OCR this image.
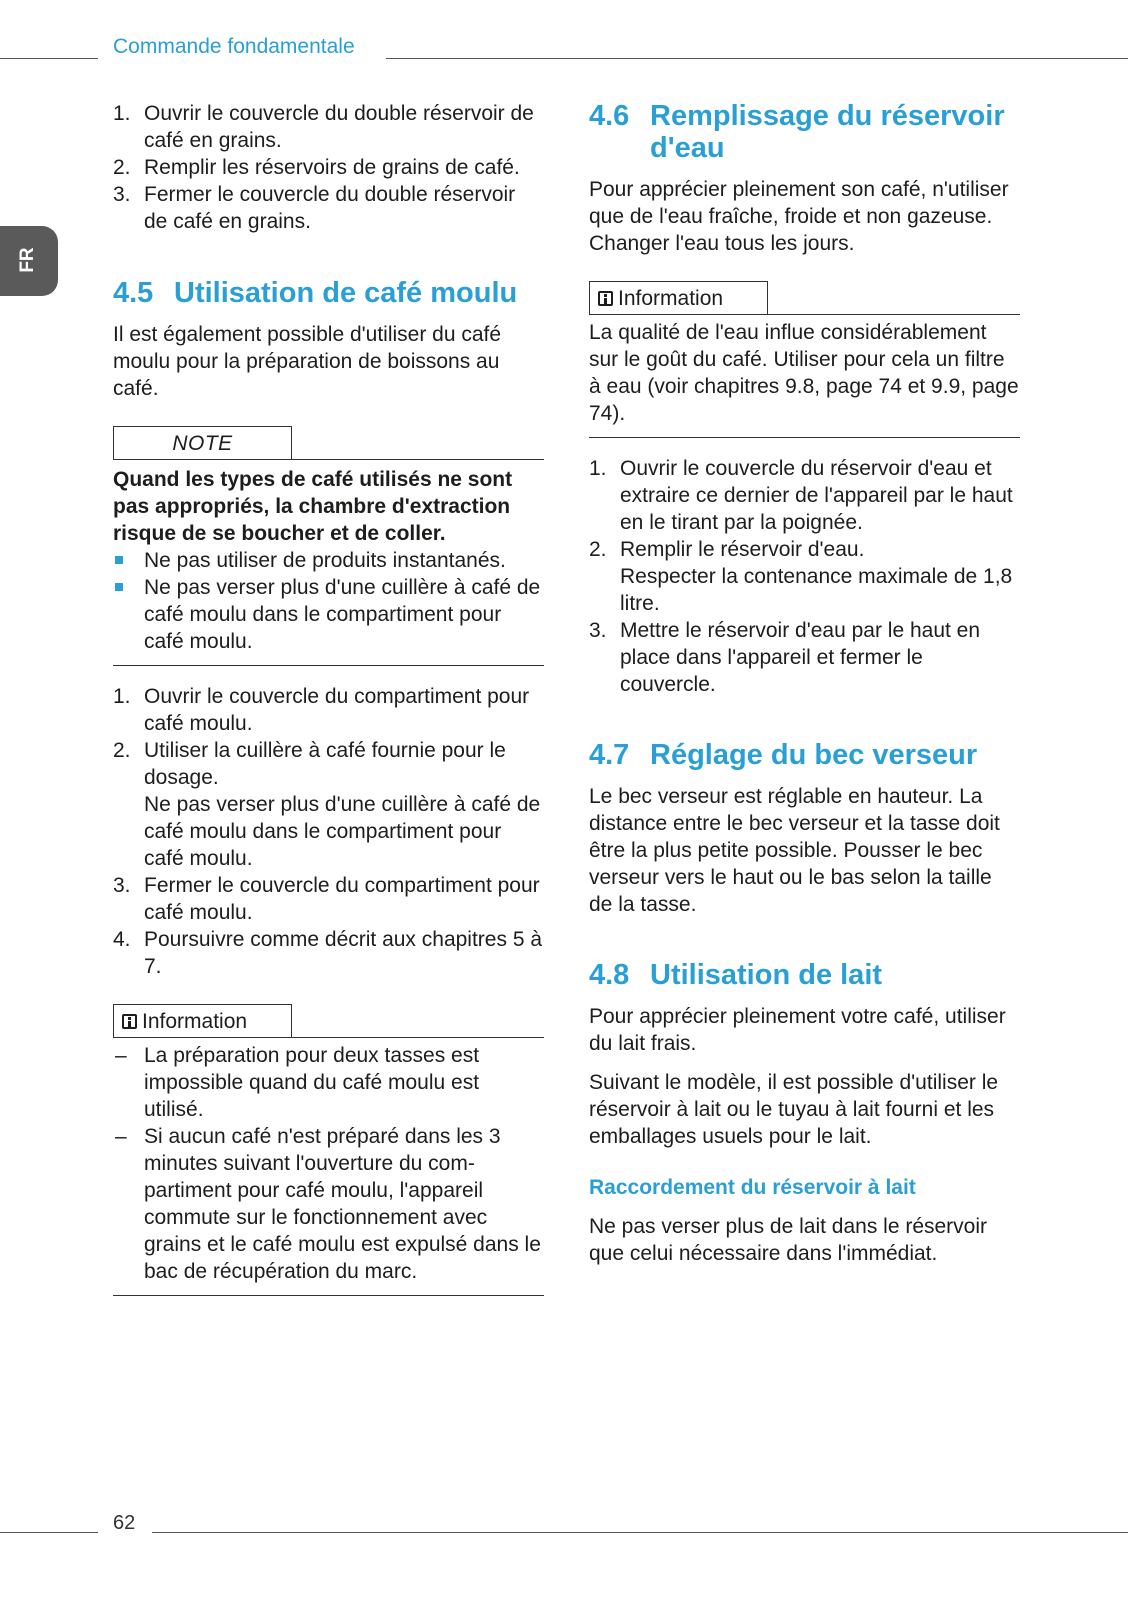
Commande fondamentale
FR
1. Ouvrir le couvercle du double réservoir de café en grains.
2. Remplir les réservoirs de grains de café.
3. Fermer le couvercle du double réservoir de café en grains.
4.5 Utilisation de café moulu

Il est également possible d'utiliser du café moulu pour la préparation de boissons au café.

NOTE

Quand les types de café utilisés ne sont pas appropriés, la chambre d'extraction risque de se boucher et de coller.

Ne pas utiliser de produits instantanés.
Ne pas verser plus d'une cuillère à café de café moulu dans le compartiment pour café moulu.
1. Ouvrir le couvercle du compartiment pour café moulu.
2. Utiliser la cuillère à café fournie pour le dosage.
Ne pas verser plus d'une cuillère à café de café moulu dans le compartiment pour café moulu.
3. Fermer le couvercle du compartiment pour café moulu.
4. Poursuivre comme décrit aux chapitres 5 à 7.
Information
– La préparation pour deux tasses est impossible quand du café moulu est utilisé.
– Si aucun café n'est préparé dans les 3 minutes suivant l'ouverture du compartiment pour café moulu, l'appareil commute sur le fonctionnement avec grains et le café moulu est expulsé dans le bac de récupération du marc.
4.6 Remplissage du réservoir d'eau

Pour apprécier pleinement son café, n'utiliser que de l'eau fraîche, froide et non gazeuse. Changer l'eau tous les jours.

Information

La qualité de l'eau influe considérablement sur le goût du café. Utiliser pour cela un filtre à eau (voir chapitres 9.8, page 74 et 9.9, page 74).

1. Ouvrir le couvercle du réservoir d'eau et extraire ce dernier de l'appareil par le haut en le tirant par la poignée.
2. Remplir le réservoir d'eau.
Respecter la contenance maximale de 1,8 litre.
3. Mettre le réservoir d'eau par le haut en place dans l'appareil et fermer le couvercle.
4.7 Réglage du bec verseur

Le bec verseur est réglable en hauteur. La distance entre le bec verseur et la tasse doit être la plus petite possible. Pousser le bec verseur vers le haut ou le bas selon la taille de la tasse.

4.8 Utilisation de lait

Pour apprécier pleinement votre café, utiliser du lait frais.

Suivant le modèle, il est possible d'utiliser le réservoir à lait ou le tuyau à lait fourni et les emballages usuels pour le lait.

Raccordement du réservoir à lait

Ne pas verser plus de lait dans le réservoir que celui nécessaire dans l'immédiat.

62
